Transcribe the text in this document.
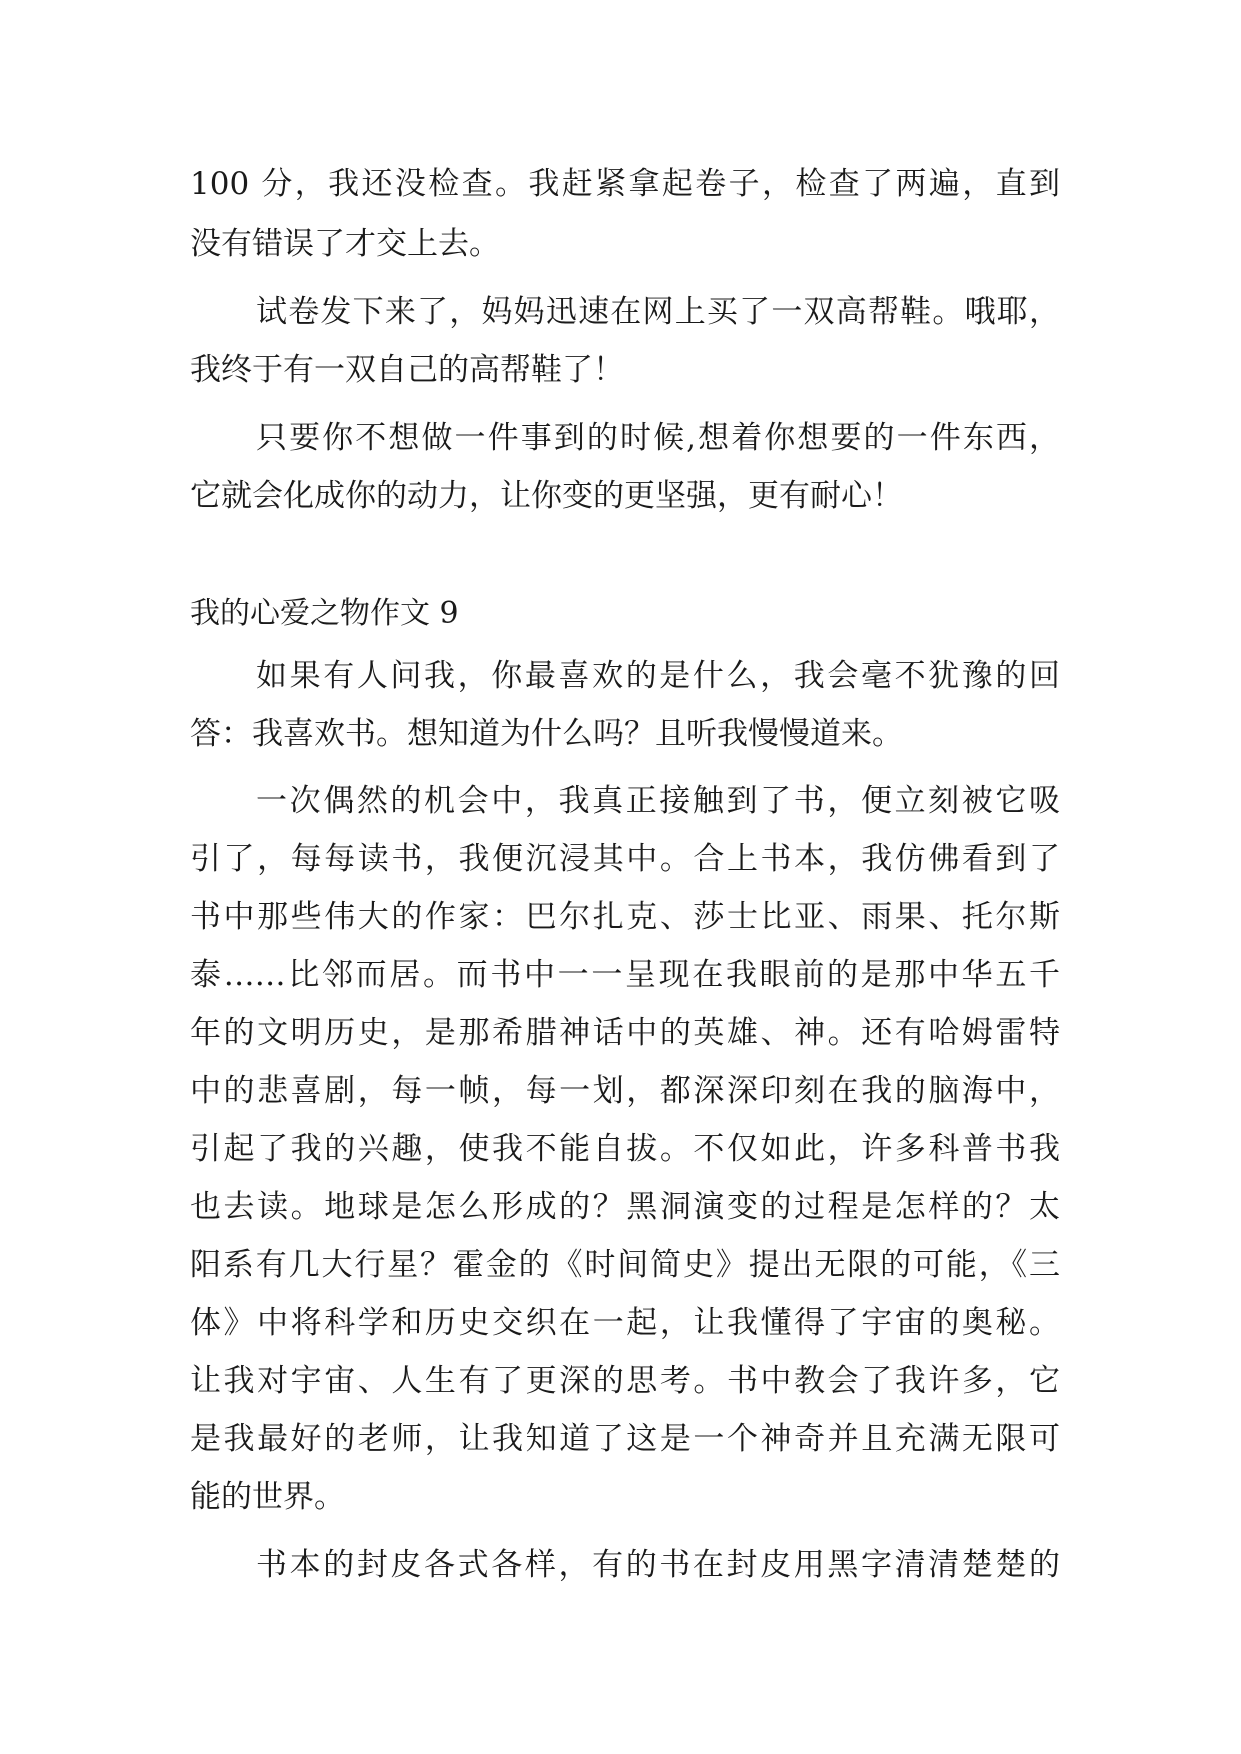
100 分，我还没检查。我赶紧拿起卷子，检查了两遍，直到
没有错误了才交上去。
试卷发下来了，妈妈迅速在网上买了一双高帮鞋。哦耶，
我终于有一双自己的高帮鞋了！
只要你不想做一件事到的时候,想着你想要的一件东西，
它就会化成你的动力，让你变的更坚强，更有耐心！
我的心爱之物作文 9
如果有人问我，你最喜欢的是什么，我会毫不犹豫的回
答：我喜欢书。想知道为什么吗？且听我慢慢道来。
一次偶然的机会中，我真正接触到了书，便立刻被它吸
引了，每每读书，我便沉浸其中。合上书本，我仿佛看到了
书中那些伟大的作家：巴尔扎克、莎士比亚、雨果、托尔斯
泰……比邻而居。而书中一一呈现在我眼前的是那中华五千
年的文明历史，是那希腊神话中的英雄、神。还有哈姆雷特
中的悲喜剧，每一帧，每一划，都深深印刻在我的脑海中，
引起了我的兴趣，使我不能自拔。不仅如此，许多科普书我
也去读。地球是怎么形成的？黑洞演变的过程是怎样的？太
阳系有几大行星？霍金的《时间简史》提出无限的可能，《三
体》中将科学和历史交织在一起，让我懂得了宇宙的奥秘。
让我对宇宙、人生有了更深的思考。书中教会了我许多，它
是我最好的老师，让我知道了这是一个神奇并且充满无限可
能的世界。
书本的封皮各式各样，有的书在封皮用黑字清清楚楚的
